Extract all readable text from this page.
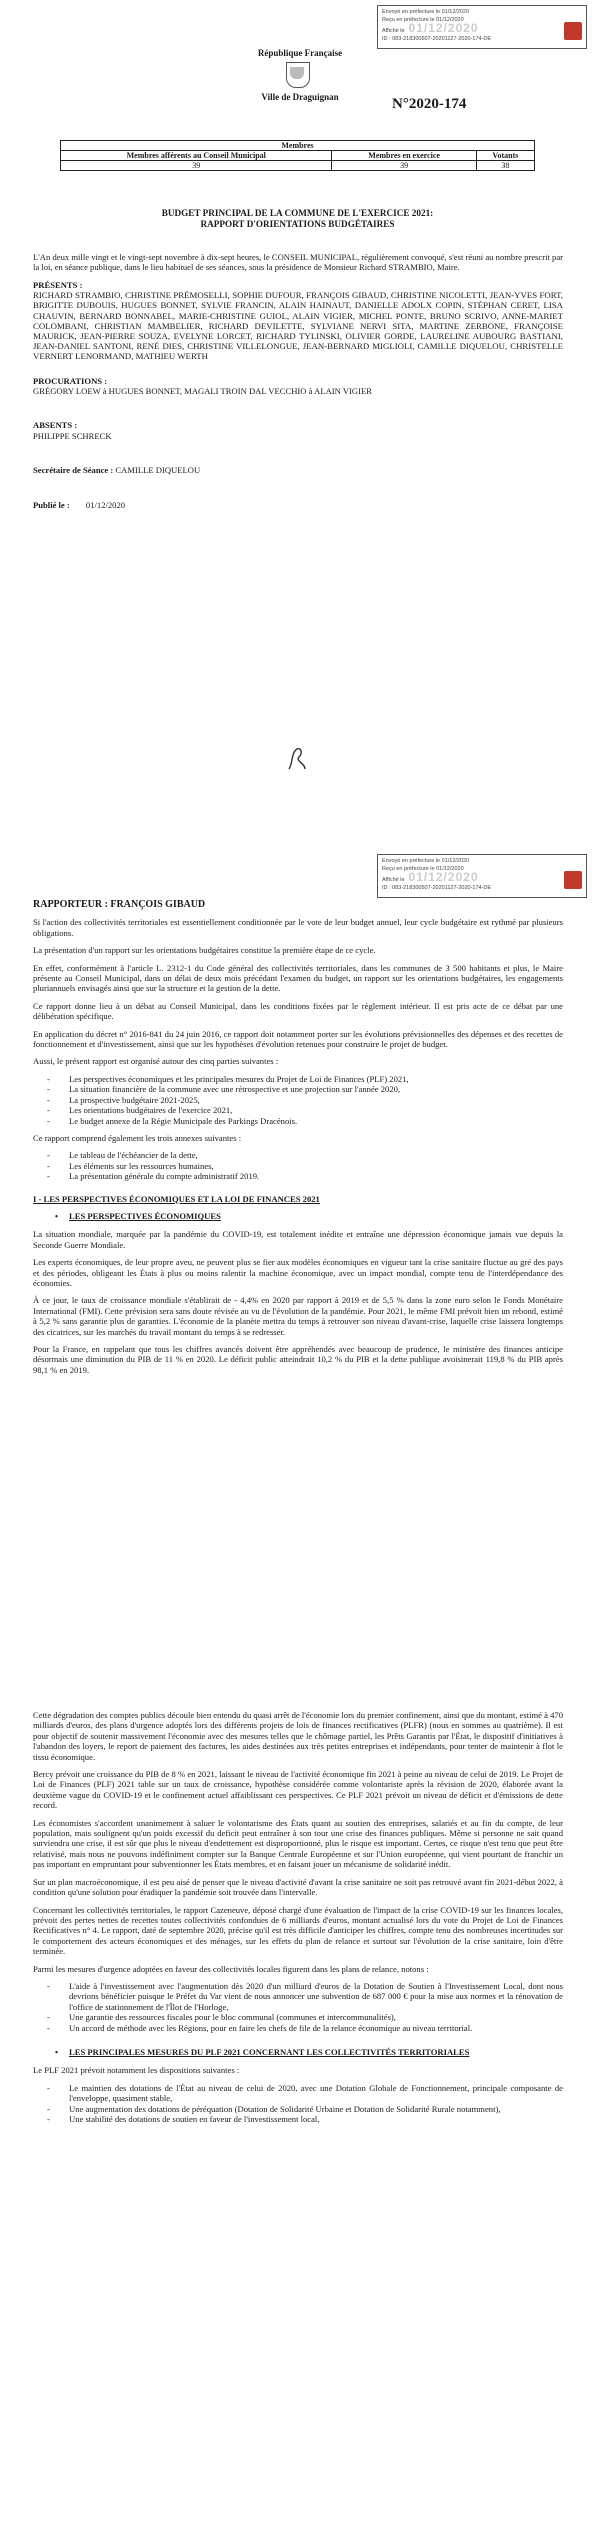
Envoyé en préfecture le 01/12/2020
Reçu en préfecture le 01/12/2020
Affiché le 01/12/2020
ID : 083-218300507-20201127-2020-174-DE
République Française
Ville de Draguignan	N°2020-174
Membres		
Membres afférents au Conseil Municipal	Membres en exercice	Votants
39	39	38
BUDGET PRINCIPAL DE LA COMMUNE DE L'EXERCICE 2021:
RAPPORT D'ORIENTATIONS BUDGÉTAIRES

L'An deux mille vingt et le vingt-sept novembre à dix-sept heures, le CONSEIL MUNICIPAL, régulièrement convoqué, s'est réuni au nombre prescrit par la loi, en séance publique, dans le lieu habituel de ses séances, sous la présidence de Monsieur Richard STRAMBIO, Maire.

PRÉSENTS :

RICHARD STRAMBIO, CHRISTINE PRÉMOSELLI, SOPHIE DUFOUR, FRANÇOIS GIBAUD, CHRISTINE NICOLETTI, JEAN-YVES FORT, BRIGITTE DUBOUIS, HUGUES BONNET, SYLVIE FRANCIN, ALAIN HAINAUT, DANIELLE ADOLX COPIN, STÉPHAN CERET, LISA CHAUVIN, BERNARD BONNABEL, MARIE-CHRISTINE GUIOL, ALAIN VIGIER, MICHEL PONTE, BRUNO SCRIVO, ANNE-MARIET COLOMBANI, CHRISTIAN MAMBELIER, RICHARD DEVILETTE, SYLVIANE NERVI SITA, MARTINE ZERBONE, FRANÇOISE MAURICK, JEAN-PIERRE SOUZA, EVELYNE LORCET, RICHARD TYLINSKI, OLIVIER GORDE, LAURELINE AUBOURG BASTIANI, JEAN-DANIEL SANTONI, RENÉ DIES, CHRISTINE VILLELONGUE, JEAN-BERNARD MIGLIOLI, CAMILLE DIQUELOU, CHRISTELLE VERNERT LENORMAND, MATHIEU WERTH

PROCURATIONS :

GRÉGORY LOEW à HUGUES BONNET, MAGALI TROIN DAL VECCHIO à ALAIN VIGIER

ABSENTS :

PHILIPPE SCHRECK

Secrétaire de Séance : CAMILLE DIQUELOU

Publié le : 01/12/2020

Envoyé en préfecture le 01/12/2020
Reçu en préfecture le 01/12/2020
Affiché le 01/12/2020
ID : 083-218300507-20201127-2020-174-DE

RAPPORTEUR : FRANÇOIS GIBAUD

Si l'action des collectivités territoriales est essentiellement conditionnée par le vote de leur budget annuel, leur cycle budgétaire est rythmé par plusieurs obligations.

La présentation d'un rapport sur les orientations budgétaires constitue la première étape de ce cycle.

En effet, conformément à l'article L. 2312-1 du Code général des collectivités territoriales, dans les communes de 3 500 habitants et plus, le Maire présente au Conseil Municipal, dans un délai de deux mois précédant l'examen du budget, un rapport sur les orientations budgétaires, les engagements pluriannuels envisagés ainsi que sur la structure et la gestion de la dette.

Ce rapport donne lieu à un débat au Conseil Municipal, dans les conditions fixées par le règlement intérieur. Il est pris acte de ce débat par une délibération spécifique.

En application du décret n° 2016-841 du 24 juin 2016, ce rapport doit notamment porter sur les évolutions prévisionnelles des dépenses et des recettes de fonctionnement et d'investissement, ainsi que sur les hypothèses d'évolution retenues pour construire le projet de budget.

Aussi, le présent rapport est organisé autour des cinq parties suivantes :

- Les perspectives économiques et les principales mesures du Projet de Loi de Finances (PLF) 2021,
- La situation financière de la commune avec une rétrospective et une projection sur l'année 2020,
- La prospective budgétaire 2021-2025,
- Les orientations budgétaires de l'exercice 2021,
- Le budget annexe de la Régie Municipale des Parkings Dracénois.

Ce rapport comprend également les trois annexes suivantes :

- Le tableau de l'échéancier de la dette,
- Les éléments sur les ressources humaines,
- La présentation générale du compte administratif 2019.

I - LES PERSPECTIVES ÉCONOMIQUES ET LA LOI DE FINANCES 2021

• LES PERSPECTIVES ÉCONOMIQUES

La situation mondiale, marquée par la pandémie du COVID-19, est totalement inédite et entraîne une dépression économique jamais vue depuis la Seconde Guerre Mondiale.

Les experts économiques, de leur propre aveu, ne peuvent plus se fier aux modèles économiques en vigueur tant la crise sanitaire fluctue au gré des pays et des périodes, obligeant les États à plus ou moins ralentir la machine économique, avec un impact mondial, compte tenu de l'interdépendance des économies.

À ce jour, le taux de croissance mondiale s'établirait de - 4,4% en 2020 par rapport à 2019 et de 5,5 % dans la zone euro selon le Fonds Monétaire International (FMI). Cette prévision sera sans doute révisée au vu de l'évolution de la pandémie. Pour 2021, le même FMI prévoit bien un rebond, estimé à 5,2 % sans garantie plus de garanties. L'économie de la planète mettra du temps à retrouver son niveau d'avant-crise, laquelle crise laissera longtemps des cicatrices, sur les marchés du travail montant du temps à se redresser.

Pour la France, en rappelant que tous les chiffres avancés doivent être appréhendés avec beaucoup de prudence, le ministère des finances anticipe désormais une diminution du PIB de 11 % en 2020. Le déficit public atteindrait 10,2 % du PIB et la dette publique avoisinerait 119,8 % du PIB après 98,1 % en 2019.

Cette dégradation des comptes publics découle bien entendu du quasi arrêt de l'économie lors du premier confinement, ainsi que du montant, estimé à 470 milliards d'euros, des plans d'urgence adoptés lors des différents projets de lois de finances rectificatives (PLFR) (nous en sommes au quatrième). Il est pour objectif de soutenir massivement l'économie avec des mesures telles que le chômage partiel, les Prêts Garantis par l'État, le dispositif d'initiatives à l'abandon des loyers, le report de paiement des factures, les aides destinées aux très petites entreprises et indépendants, pour tenter de maintenir à flot le tissu économique.

Bercy prévoit une croissance du PIB de 8 % en 2021, laissant le niveau de l'activité économique fin 2021 à peine au niveau de celui de 2019. Le Projet de Loi de Finances (PLF) 2021 table sur un taux de croissance, hypothèse considérée comme volontariste après la révision de 2020, élaborée avant la deuxième vague du COVID-19 et le confinement actuel affaiblissant ces perspectives. Ce PLF 2021 prévoit un niveau de déficit et d'émissions de dette record.

Les économistes s'accordent unanimement à saluer le volontarisme des États quant au soutien des entreprises, salariés et au fin du compte, de leur population, mais soulignent qu'un poids excessif du deficit peut entraîner à son tour une crise des finances publiques. Même si personne ne sait quand surviendra une crise, il est sûr que plus le niveau d'endettement est disproportionné, plus le risque est important. Certes, ce risque n'est tenu que peut être relativisé, mais nous ne pouvons indéfiniment compter sur la Banque Centrale Européenne et sur l'Union européenne, qui vient pourtant de franchir un pas important en empruntant pour subventionner les États membres, et en faisant jouer un mécanisme de solidarité inédit.

Sur un plan macroéconomique, il est peu aisé de penser que le niveau d'activité d'avant la crise sanitaire ne soit pas retrouvé avant fin 2021-début 2022, à condition qu'une solution pour éradiquer la pandémie soit trouvée dans l'intervalle.

Concernant les collectivités territoriales, le rapport Cazeneuve, déposé chargé d'une évaluation de l'impact de la crise COVID-19 sur les finances locales, prévoit des pertes nettes de recettes toutes collectivités confondues de 6 milliards d'euros, montant actualisé lors du vote du Projet de Loi de Finances Rectificatives n° 4. Le rapport, daté de septembre 2020, précise qu'il est très difficile d'anticiper les chiffres, compte tenu des nombreuses incertitudes sur le comportement des acteurs économiques et des ménages, sur les effets du plan de relance et surtout sur l'évolution de la crise sanitaire, loin d'être terminée.

Parmi les mesures d'urgence adoptées en faveur des collectivités locales figurent dans les plans de relance, notons :

- L'aide à l'investissement avec l'augmentation dès 2020 d'un milliard d'euros de la Dotation de Soutien à l'Investissement Local, dont nous devrions bénéficier puisque le Préfet du Var vient de nous annoncer une subvention de 687 000 € pour la mise aux normes et la rénovation de l'office de stationnement de l'Îlot de l'Horloge,
- Une garantie des ressources fiscales pour le bloc communal (communes et intercommunalités),
- Un accord de méthode avec les Régions, pour en faire les chefs de file de la relance économique au niveau territorial.
• LES PRINCIPALES MESURES DU PLF 2021 CONCERNANT LES COLLECTIVITÉS TERRITORIALES

Le PLF 2021 prévoit notamment les dispositions suivantes :

- Le maintien des dotations de l'État au niveau de celui de 2020, avec une Dotation Globale de Fonctionnement, principale composante de l'enveloppe, quasiment stable,
- Une augmentation des dotations de péréquation (Dotation de Solidarité Urbaine et Dotation de Solidarité Rurale notamment),
- Une stabilité des dotations de soutien en faveur de l'investissement local,
